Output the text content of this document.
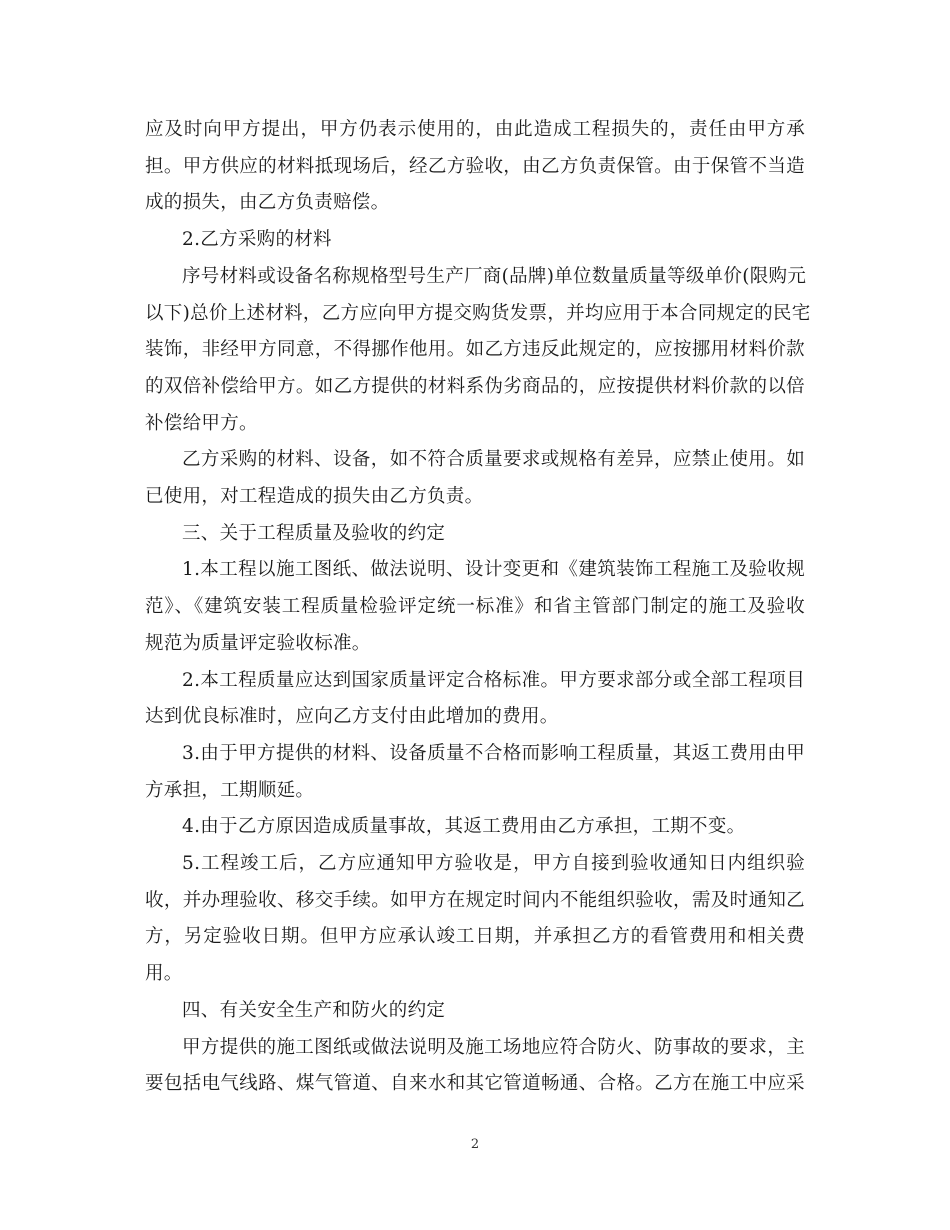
应及时向甲方提出，甲方仍表示使用的，由此造成工程损失的，责任由甲方承
担。甲方供应的材料抵现场后，经乙方验收，由乙方负责保管。由于保管不当造
成的损失，由乙方负责赔偿。
2.乙方采购的材料
序号材料或设备名称规格型号生产厂商(品牌)单位数量质量等级单价(限购元
以下)总价上述材料，乙方应向甲方提交购货发票，并均应用于本合同规定的民宅
装饰，非经甲方同意，不得挪作他用。如乙方违反此规定的，应按挪用材料价款
的双倍补偿给甲方。如乙方提供的材料系伪劣商品的，应按提供材料价款的以倍
补偿给甲方。
乙方采购的材料、设备，如不符合质量要求或规格有差异，应禁止使用。如
已使用，对工程造成的损失由乙方负责。
三、关于工程质量及验收的约定
1.本工程以施工图纸、做法说明、设计变更和《建筑装饰工程施工及验收规
范》、《建筑安装工程质量检验评定统一标准》和省主管部门制定的施工及验收
规范为质量评定验收标准。
2.本工程质量应达到国家质量评定合格标准。甲方要求部分或全部工程项目
达到优良标准时，应向乙方支付由此增加的费用。
3.由于甲方提供的材料、设备质量不合格而影响工程质量，其返工费用由甲
方承担，工期顺延。
4.由于乙方原因造成质量事故，其返工费用由乙方承担，工期不变。
5.工程竣工后，乙方应通知甲方验收是，甲方自接到验收通知日内组织验
收，并办理验收、移交手续。如甲方在规定时间内不能组织验收，需及时通知乙
方，另定验收日期。但甲方应承认竣工日期，并承担乙方的看管费用和相关费
用。
四、有关安全生产和防火的约定
甲方提供的施工图纸或做法说明及施工场地应符合防火、防事故的要求，主
要包括电气线路、煤气管道、自来水和其它管道畅通、合格。乙方在施工中应采
2
